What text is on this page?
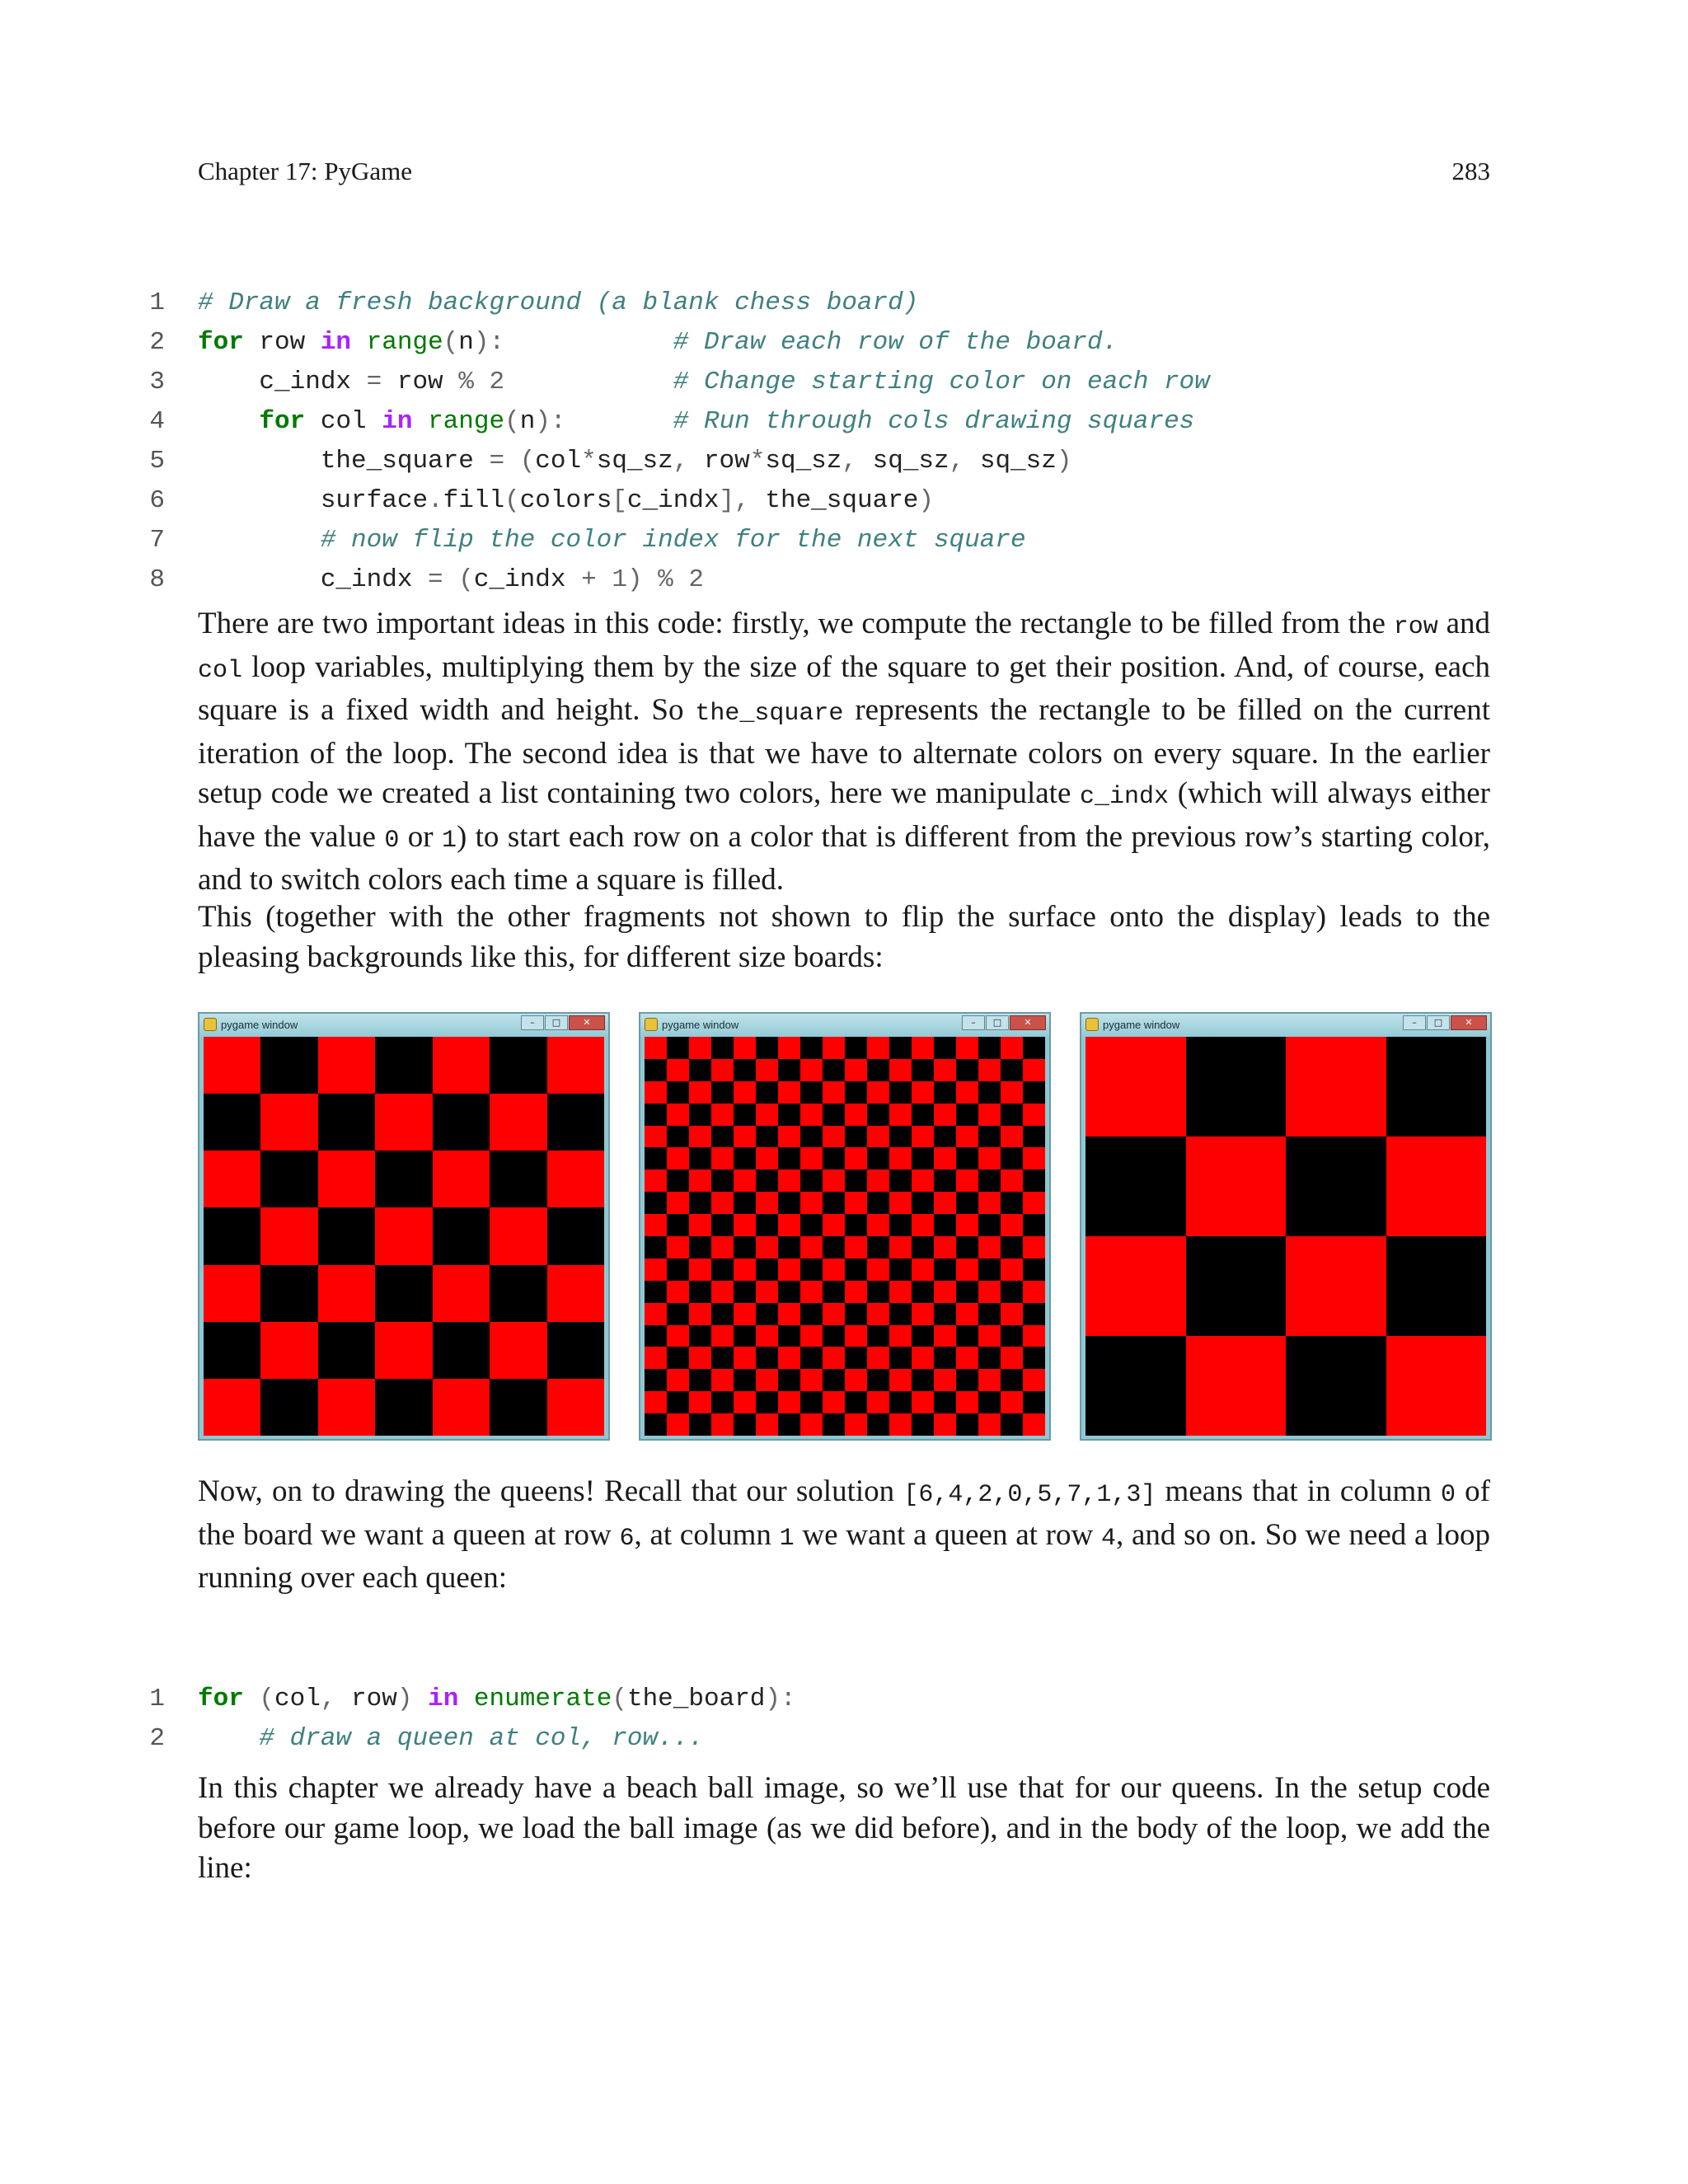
Chapter 17: PyGame	283

1 # Draw a fresh background (a blank chess board)
2 for row in range(n):	# Draw each row of the board.
3 c_indx = row % 2	# Change starting color on each row
4	for col in range(n):	# Run through cols drawing squares
5 the_square = (col*sq_sz, row*sq_sz, sq_sz, sq_sz)
6 surface.fill(colors[c_indx], the_square)
7	# now flip the color index for the next square
8 c_indx = (c_indx + 1) % 2

There are two important ideas in this code: firstly, we compute the rectangle to be filled from the row and col loop variables, multiplying them by the size of the square to get their position. And, of course, each square is a fixed width and height. So the_square represents the rectangle to be filled on the current iteration of the loop. The second idea is that we have to alternate colors on every square. In the earlier setup code we created a list containing two colors, here we manipulate c_indx (which will always either have the value 0 or 1) to start each row on a color that is different from the previous row’s starting color, and to switch colors each time a square is filled.

This (together with the other fragments not shown to flip the surface onto the display) leads to the pleasing backgrounds like this, for different size boards:

pygame window	–	□	✕	pygame window	–	□	✕	pygame window	–	□	✕

Now, on to drawing the queens! Recall that our solution [6,4,2,0,5,7,1,3] means that in column 0 of the board we want a queen at row 6, at column 1 we want a queen at row 4, and so on. So we need a loop running over each queen:

1 for (col, row) in enumerate(the_board):
2	# draw a queen at col, row...

In this chapter we already have a beach ball image, so we’ll use that for our queens. In the setup code before our game loop, we load the ball image (as we did before), and in the body of the loop, we add the line:
